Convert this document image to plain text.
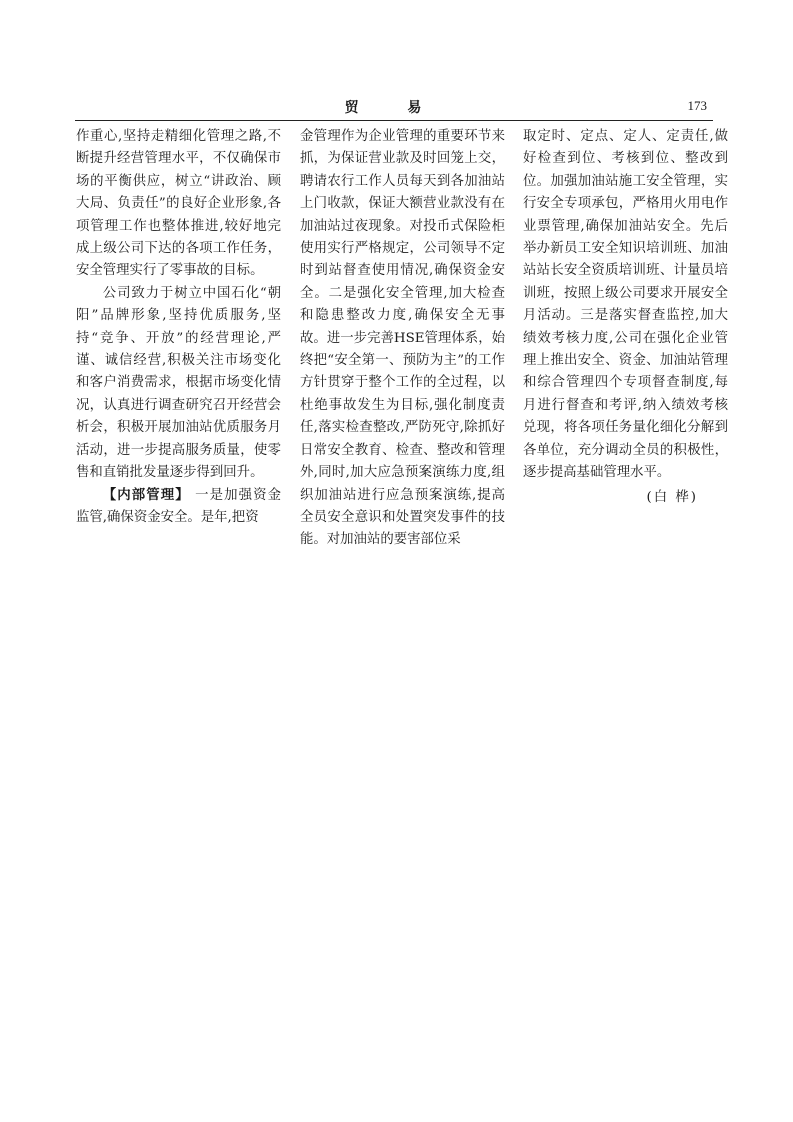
贸 易	173

作重心,坚持走精细化管理之路,不断提升经营管理水平，不仅确保市场的平衡供应，树立“讲政治、顾大局、负责任”的良好企业形象,各项管理工作也整体推进,较好地完成上级公司下达的各项工作任务，安全管理实行了零事故的目标。

公司致力于树立中国石化“朝阳”品牌形象,坚持优质服务,坚持“竞争、开放”的经营理论,严谨、诚信经营,积极关注市场变化和客户消费需求，根据市场变化情况，认真进行调查研究召开经营会析会，积极开展加油站优质服务月活动，进一步提高服务质量，使零售和直销批发量逐步得到回升。

【内部管理】 一是加强资金监管,确保资金安全。是年,把资

金管理作为企业管理的重要环节来抓，为保证营业款及时回笼上交，聘请农行工作人员每天到各加油站上门收款，保证大额营业款没有在加油站过夜现象。对投币式保险柜使用实行严格规定，公司领导不定时到站督查使用情况,确保资金安全。二是强化安全管理,加大检查和隐患整改力度,确保安全无事故。进一步完善HSE管理体系，始终把“安全第一、预防为主”的工作方针贯穿于整个工作的全过程，以杜绝事故发生为目标,强化制度责任,落实检查整改,严防死守,除抓好日常安全教育、检查、整改和管理外,同时,加大应急预案演练力度,组织加油站进行应急预案演练,提高全员安全意识和处置突发事件的技能。对加油站的要害部位采

取定时、定点、定人、定责任,做好检查到位、考核到位、整改到位。加强加油站施工安全管理，实行安全专项承包，严格用火用电作业票管理,确保加油站安全。先后举办新员工安全知识培训班、加油站站长安全资质培训班、计量员培训班，按照上级公司要求开展安全月活动。三是落实督查监控,加大绩效考核力度,公司在强化企业管理上推出安全、资金、加油站管理和综合管理四个专项督查制度,每月进行督查和考评,纳入绩效考核兑现，将各项任务量化细化分解到各单位，充分调动全员的积极性，逐步提高基础管理水平。

(白 桦)
